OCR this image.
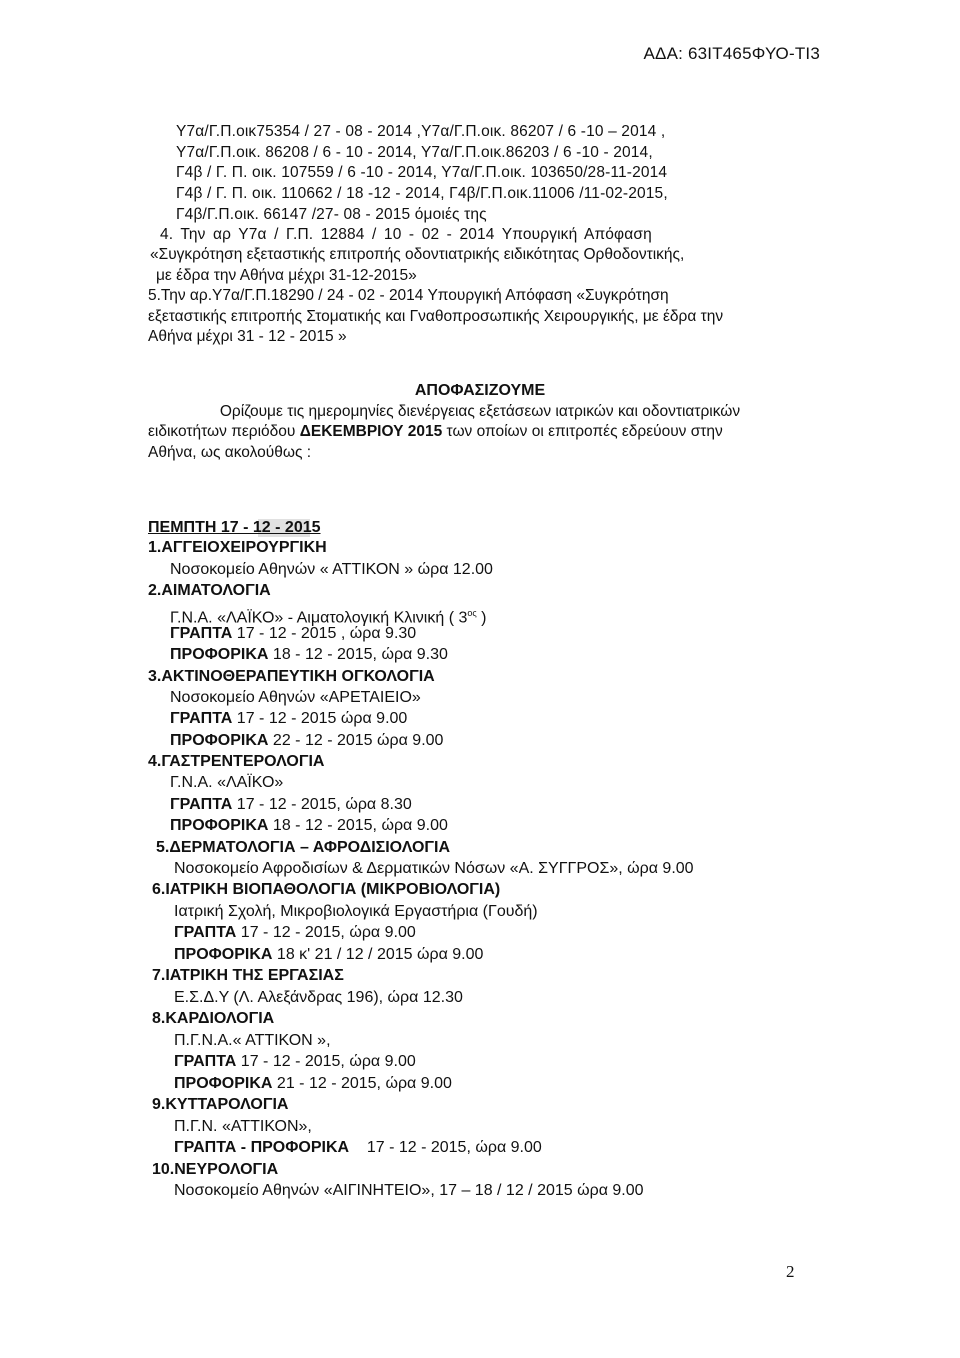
ΑΔΑ: 63ΙΤ465ΦΥΟ-ΤΙ3
Υ7α/Γ.Π.οικ75354 / 27 - 08 - 2014 ,Υ7α/Γ.Π.οικ. 86207 / 6 -10 – 2014 ,
Υ7α/Γ.Π.οικ. 86208 / 6 - 10 - 2014, Υ7α/Γ.Π.οικ.86203 / 6 -10 - 2014,
Γ4β / Γ. Π. οικ. 107559 / 6 -10 - 2014, Υ7α/Γ.Π.οικ. 103650/28-11-2014
Γ4β / Γ. Π. οικ. 110662 / 18 -12 - 2014, Γ4β/Γ.Π.οικ.11006 /11-02-2015,
Γ4β/Γ.Π.οικ. 66147 /27- 08 - 2015 όμοιές της
4. Την αρ Υ7α / Γ.Π. 12884 / 10 - 02 - 2014 Υπουργική Απόφαση
«Συγκρότηση εξεταστικής επιτροπής οδοντιατρικής ειδικότητας Ορθοδοντικής,
με έδρα την Αθήνα μέχρι 31-12-2015»
5.Την αρ.Υ7α/Γ.Π.18290 / 24 - 02 - 2014 Υπουργική Απόφαση «Συγκρότηση
εξεταστικής επιτροπής Στοματικής και Γναθοπροσωπικής Χειρουργικής, με έδρα την
Αθήνα μέχρι 31 - 12 - 2015 »
ΑΠΟΦΑΣΙΖΟΥΜΕ
Ορίζουμε τις ημερομηνίες διενέργειας εξετάσεων ιατρικών και οδοντιατρικών
ειδικοτήτων περιόδου ΔΕΚΕΜΒΡΙΟΥ 2015 των οποίων οι επιτροπές εδρεύουν στην
Αθήνα, ως ακολούθως :
ΠΕΜΠΤΗ 17 - 12 - 2015
1.ΑΓΓΕΙΟΧΕΙΡΟΥΡΓΙΚΗ
Νοσοκομείο Αθηνών « ΑΤΤΙΚΟΝ » ώρα 12.00
2.ΑΙΜΑΤΟΛΟΓΙΑ
Γ.Ν.Α. «ΛΑΪΚΟ» - Αιματολογική Κλινική ( $3^{o\varsigma}$ )
ΓΡΑΠΤΑ 17 - 12 - 2015 , ώρα 9.30
ΠΡΟΦΟΡΙΚΑ 18 - 12 - 2015, ώρα 9.30
3.ΑΚΤΙΝΟΘΕΡΑΠΕΥΤΙΚΗ ΟΓΚΟΛΟΓΙΑ
Νοσοκομείο Αθηνών «ΑΡΕΤΑΙΕΙΟ»
ΓΡΑΠΤΑ 17 - 12 - 2015 ώρα 9.00
ΠΡΟΦΟΡΙΚΑ 22 - 12 - 2015 ώρα 9.00
4.ΓΑΣΤΡΕΝΤΕΡΟΛΟΓΙΑ
Γ.Ν.Α. «ΛΑΪΚΟ»
ΓΡΑΠΤΑ 17 - 12 - 2015, ώρα 8.30
ΠΡΟΦΟΡΙΚΑ 18 - 12 - 2015, ώρα 9.00
5.ΔΕΡΜΑΤΟΛΟΓΙΑ – ΑΦΡΟΔΙΣΙΟΛΟΓΙΑ
Νοσοκομείο Αφροδισίων & Δερματικών Νόσων «Α. ΣΥΓΓΡΟΣ», ώρα 9.00
6.ΙΑΤΡΙΚΗ ΒΙΟΠΑΘΟΛΟΓΙΑ (ΜΙΚΡΟΒΙΟΛΟΓΙΑ)
Ιατρική Σχολή, Μικροβιολογικά Εργαστήρια (Γουδή)
ΓΡΑΠΤΑ 17 - 12 - 2015, ώρα 9.00
ΠΡΟΦΟΡΙΚΑ 18 κ' 21 / 12 / 2015 ώρα 9.00
7.ΙΑΤΡΙΚΗ ΤΗΣ ΕΡΓΑΣΙΑΣ
Ε.Σ.Δ.Υ (Λ. Αλεξάνδρας 196), ώρα 12.30
8.ΚΑΡΔΙΟΛΟΓΙΑ
Π.Γ.Ν.Α.« ΑΤΤΙΚΟΝ »,
ΓΡΑΠΤΑ 17 - 12 - 2015, ώρα 9.00
ΠΡΟΦΟΡΙΚΑ 21 - 12 - 2015, ώρα 9.00
9.ΚΥΤΤΑΡΟΛΟΓΙΑ
Π.Γ.Ν. «ΑΤΤΙΚΟΝ»,
ΓΡΑΠΤΑ - ΠΡΟΦΟΡΙΚΑ    17 - 12 - 2015, ώρα 9.00
10.ΝΕΥΡΟΛΟΓΙΑ
Νοσοκομείο Αθηνών «ΑΙΓΙΝΗΤΕΙΟ», 17 – 18 / 12 / 2015 ώρα 9.00
2
